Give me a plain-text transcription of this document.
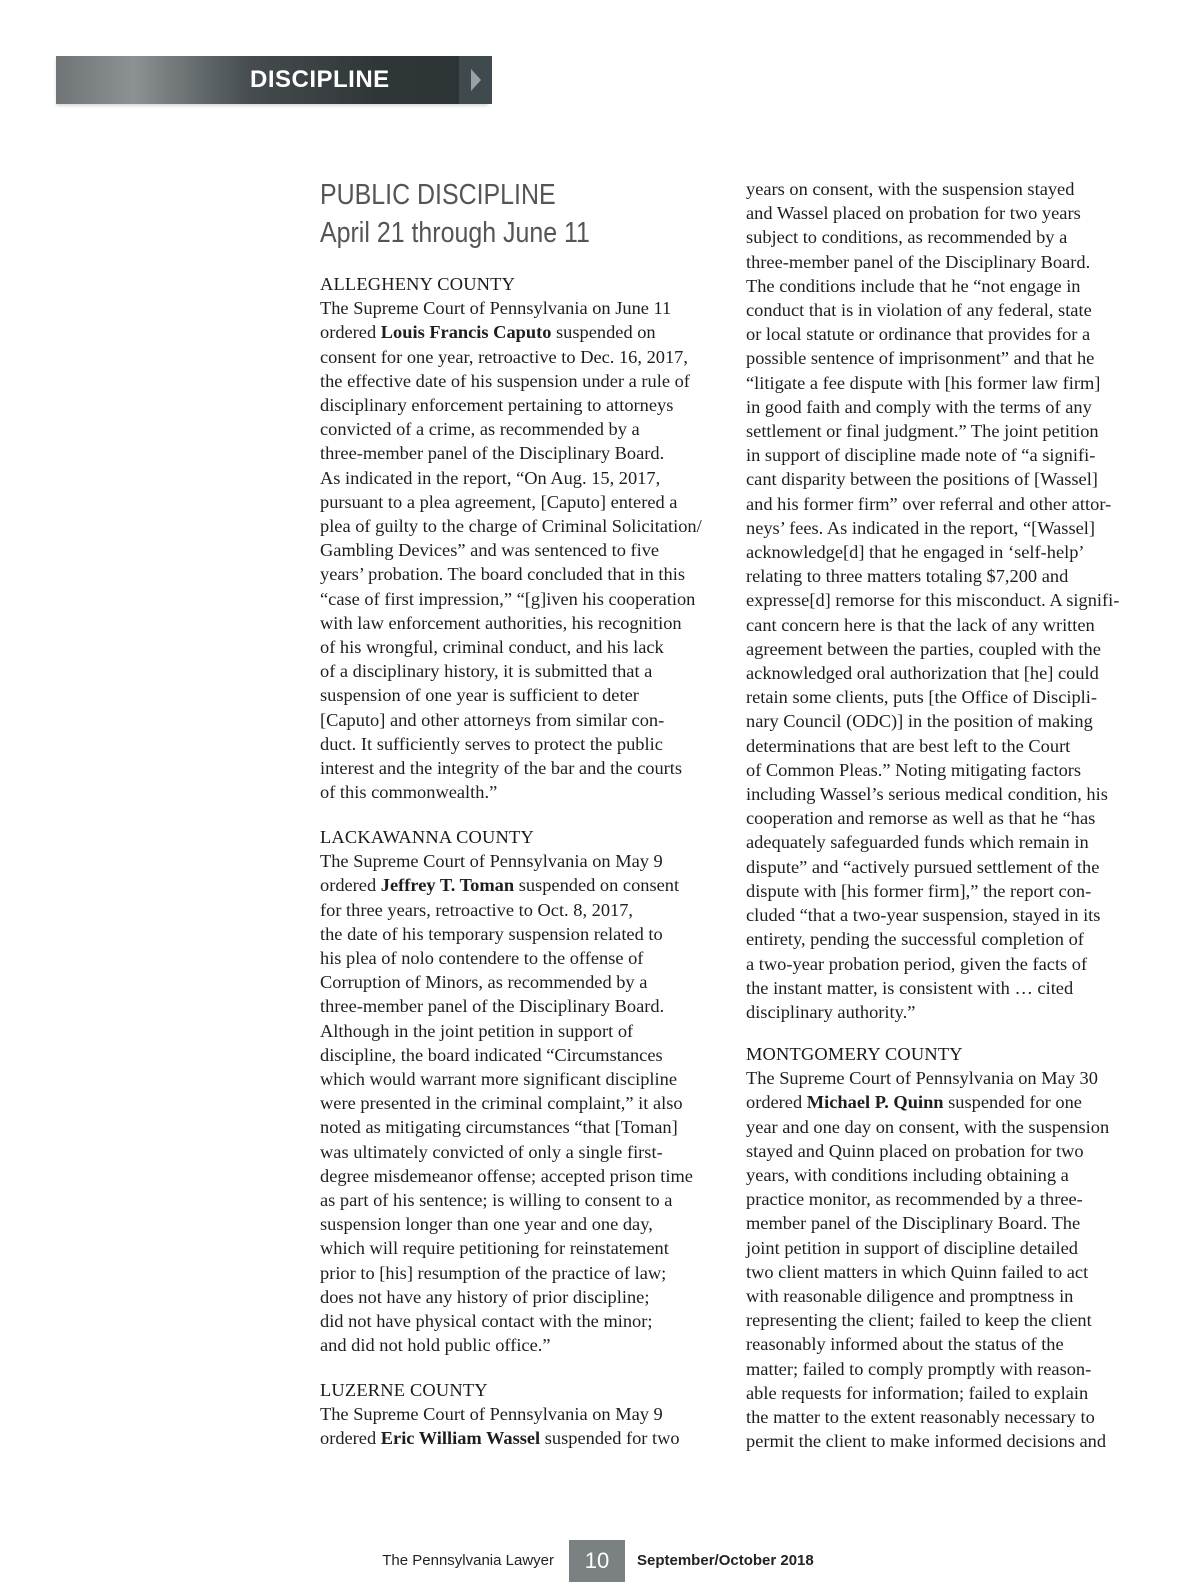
DISCIPLINE
PUBLIC DISCIPLINE
April 21 through June 11
ALLEGHENY COUNTY
The Supreme Court of Pennsylvania on June 11
ordered Louis Francis Caputo suspended on
consent for one year, retroactive to Dec. 16, 2017,
the effective date of his suspension under a rule of
disciplinary enforcement pertaining to attorneys
convicted of a crime, as recommended by a
three-member panel of the Disciplinary Board.
As indicated in the report, “On Aug. 15, 2017,
pursuant to a plea agreement, [Caputo] entered a
plea of guilty to the charge of Criminal Solicitation/
Gambling Devices” and was sentenced to five
years’ probation. The board concluded that in this
“case of first impression,” “[g]iven his cooperation
with law enforcement authorities, his recognition
of his wrongful, criminal conduct, and his lack
of a disciplinary history, it is submitted that a
suspension of one year is sufficient to deter
[Caputo] and other attorneys from similar con-
duct. It sufficiently serves to protect the public
interest and the integrity of the bar and the courts
of this commonwealth.”
LACKAWANNA COUNTY
The Supreme Court of Pennsylvania on May 9
ordered Jeffrey T. Toman suspended on consent
for three years, retroactive to Oct. 8, 2017,
the date of his temporary suspension related to
his plea of nolo contendere to the offense of
Corruption of Minors, as recommended by a
three-member panel of the Disciplinary Board.
Although in the joint petition in support of
discipline, the board indicated “Circumstances
which would warrant more significant discipline
were presented in the criminal complaint,” it also
noted as mitigating circumstances “that [Toman]
was ultimately convicted of only a single first-
degree misdemeanor offense; accepted prison time
as part of his sentence; is willing to consent to a
suspension longer than one year and one day,
which will require petitioning for reinstatement
prior to [his] resumption of the practice of law;
does not have any history of prior discipline;
did not have physical contact with the minor;
and did not hold public office.”
LUZERNE COUNTY
The Supreme Court of Pennsylvania on May 9
ordered Eric William Wassel suspended for two
years on consent, with the suspension stayed
and Wassel placed on probation for two years
subject to conditions, as recommended by a
three-member panel of the Disciplinary Board.
The conditions include that he “not engage in
conduct that is in violation of any federal, state
or local statute or ordinance that provides for a
possible sentence of imprisonment” and that he
“litigate a fee dispute with [his former law firm]
in good faith and comply with the terms of any
settlement or final judgment.” The joint petition
in support of discipline made note of “a signifi-
cant disparity between the positions of [Wassel]
and his former firm” over referral and other attor-
neys’ fees. As indicated in the report, “[Wassel]
acknowledge[d] that he engaged in ‘self-help’
relating to three matters totaling $7,200 and
expresse[d] remorse for this misconduct. A signifi-
cant concern here is that the lack of any written
agreement between the parties, coupled with the
acknowledged oral authorization that [he] could
retain some clients, puts [the Office of Discipli-
nary Council (ODC)] in the position of making
determinations that are best left to the Court
of Common Pleas.” Noting mitigating factors
including Wassel’s serious medical condition, his
cooperation and remorse as well as that he “has
adequately safeguarded funds which remain in
dispute” and “actively pursued settlement of the
dispute with [his former firm],” the report con-
cluded “that a two-year suspension, stayed in its
entirety, pending the successful completion of
a two-year probation period, given the facts of
the instant matter, is consistent with … cited
disciplinary authority.”
MONTGOMERY COUNTY
The Supreme Court of Pennsylvania on May 30
ordered Michael P. Quinn suspended for one
year and one day on consent, with the suspension
stayed and Quinn placed on probation for two
years, with conditions including obtaining a
practice monitor, as recommended by a three-
member panel of the Disciplinary Board. The
joint petition in support of discipline detailed
two client matters in which Quinn failed to act
with reasonable diligence and promptness in
representing the client; failed to keep the client
reasonably informed about the status of the
matter; failed to comply promptly with reason-
able requests for information; failed to explain
the matter to the extent reasonably necessary to
permit the client to make informed decisions and
The Pennsylvania Lawyer	10	September/October 2018
